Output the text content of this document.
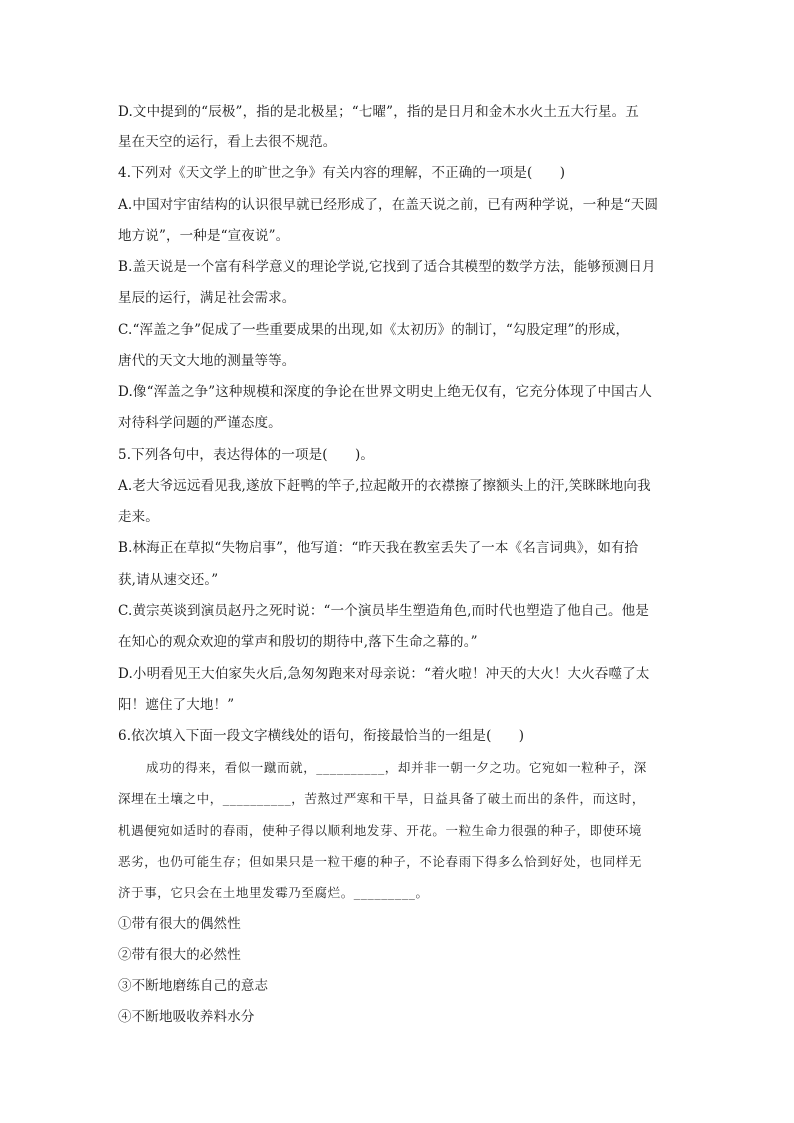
D.文中提到的“辰极”，指的是北极星；“七曜”，指的是日月和金木水火土五大行星。五
星在天空的运行，看上去很不规范。
4.下列对《天文学上的旷世之争》有关内容的理解，不正确的一项是(　　)
A.中国对宇宙结构的认识很早就已经形成了，在盖天说之前，已有两种学说，一种是“天圆
地方说”，一种是“宣夜说”。
B.盖天说是一个富有科学意义的理论学说,它找到了适合其模型的数学方法，能够预测日月
星辰的运行，满足社会需求。
C.“浑盖之争”促成了一些重要成果的出现,如《太初历》的制订，“勾股定理”的形成，
唐代的天文大地的测量等等。
D.像“浑盖之争”这种规模和深度的争论在世界文明史上绝无仅有，它充分体现了中国古人
对待科学问题的严谨态度。
5.下列各句中，表达得体的一项是(　　)。
A.老大爷远远看见我,遂放下赶鸭的竿子,拉起敞开的衣襟擦了擦额头上的汗,笑眯眯地向我
走来。
B.林海正在草拟“失物启事”，他写道：“昨天我在教室丢失了一本《名言词典》，如有拾
获,请从速交还。”
C.黄宗英谈到演员赵丹之死时说：“一个演员毕生塑造角色,而时代也塑造了他自己。他是
在知心的观众欢迎的掌声和殷切的期待中,落下生命之幕的。”
D.小明看见王大伯家失火后,急匆匆跑来对母亲说：“着火啦！冲天的大火！大火吞噬了太
阳！遮住了大地！”
6.依次填入下面一段文字横线处的语句，衔接最恰当的一组是(　　)
成功的得来，看似一蹴而就，__________，却并非一朝一夕之功。它宛如一粒种子，深
深埋在土壤之中，__________，苦熬过严寒和干旱，日益具备了破土而出的条件，而这时，
机遇便宛如适时的春雨，使种子得以顺利地发芽、开花。一粒生命力很强的种子，即使环境
恶劣，也仍可能生存；但如果只是一粒干瘪的种子，不论春雨下得多么恰到好处，也同样无
济于事，它只会在土地里发霉乃至腐烂。_________。
①带有很大的偶然性
②带有很大的必然性
③不断地磨练自己的意志
④不断地吸收养料水分
